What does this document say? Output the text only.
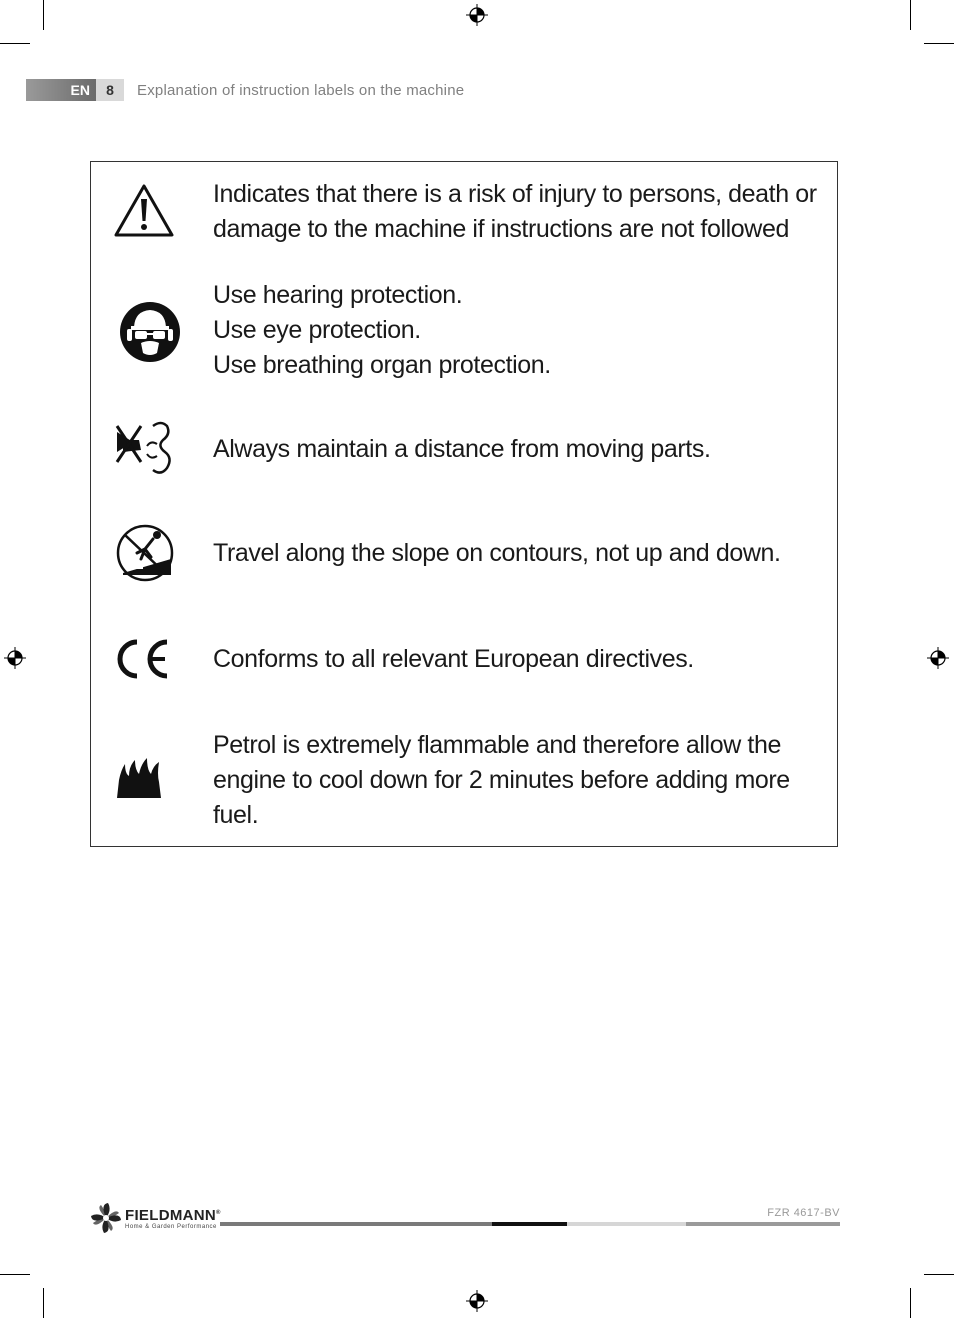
EN	8	Explanation of instruction labels on the machine
Indicates that there is a risk of injury to persons, death or
damage to the machine if instructions are not followed
Use hearing protection.
Use eye protection.
Use breathing organ protection.
Always maintain a distance from moving parts.
Travel along the slope on contours, not up and down.
Conforms to all relevant European directives.
Petrol is extremely flammable and therefore allow the
engine to cool down for 2 minutes before adding more
fuel.
FIELDMANN®
Home & Garden Performance
FZR 4617-BV
